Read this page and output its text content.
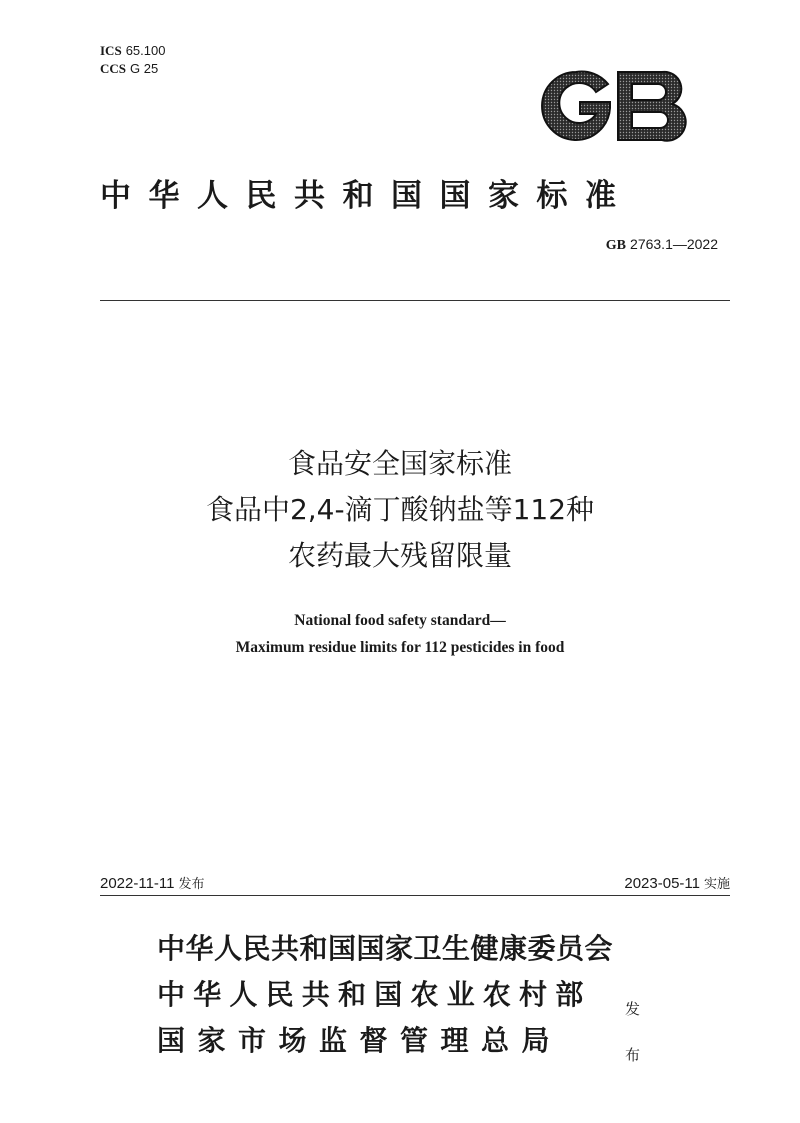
ICS 65.100
CCS G 25
中华人民共和国国家标准
GB 2763.1—2022
食品安全国家标准
食品中2,4-滴丁酸钠盐等112种
农药最大残留限量
National food safety standard—
Maximum residue limits for 112 pesticides in food
2022-11-11 发布	2023-05-11 实施
中华人民共和国国家卫生健康委员会
中华人民共和国农业农村部
国家市场监督管理总局
发布
